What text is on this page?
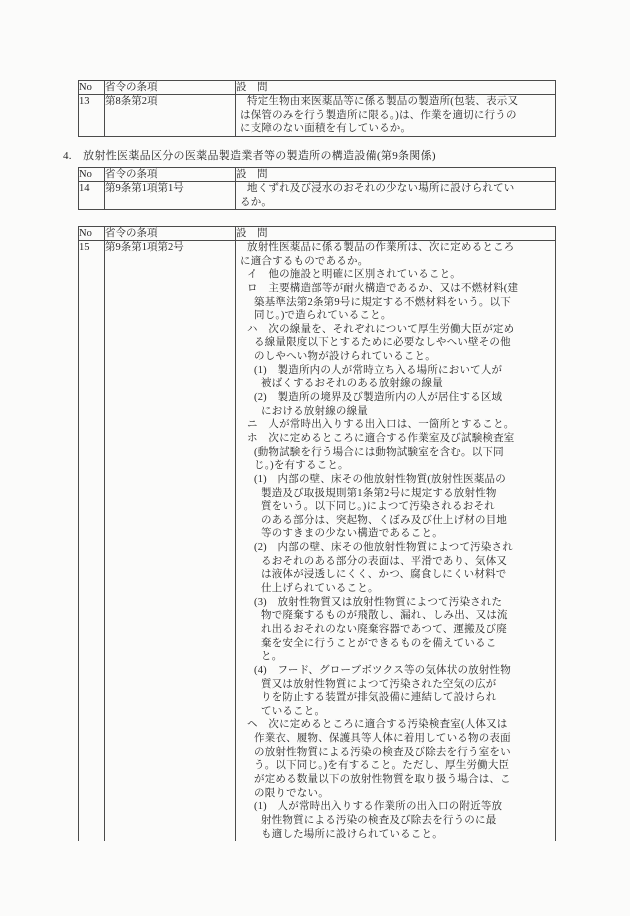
4.　放射性医薬品区分の医薬品製造業者等の製造所の構造設備(第9条関係)
No	省令の条項	設　問
13	第8条第2項	特定生物由来医薬品等に係る製品の製造所(包装、表示又
は保管のみを行う製造所に限る。)は、作業を適切に行うの
に支障のない面積を有しているか。
No	省令の条項	設　問
14	第9条第1項第1号	地くずれ及び浸水のおそれの少ない場所に設けられてい
るか。
No	省令の条項	設　問
15	第9条第1項第2号	放射性医薬品に係る製品の作業所は、次に定めるところ
に適合するものであるか。
イ　他の施設と明確に区別されていること。
ロ　主要構造部等が耐火構造であるか、又は不燃材料(建
築基準法第2条第9号に規定する不燃材料をいう。以下
同じ。)で造られていること。
ハ　次の線量を、それぞれについて厚生労働大臣が定め
る線量限度以下とするために必要なしやへい壁その他
のしやへい物が設けられていること。
(1)　製造所内の人が常時立ち入る場所において人が
被ばくするおそれのある放射線の線量
(2)　製造所の境界及び製造所内の人が居住する区域
における放射線の線量
ニ　人が常時出入りする出入口は、一箇所とすること。
ホ　次に定めるところに適合する作業室及び試験検査室
(動物試験を行う場合には動物試験室を含む。以下同
じ。)を有すること。
(1)　内部の壁、床その他放射性物質(放射性医薬品の
製造及び取扱規則第1条第2号に規定する放射性物
質をいう。以下同じ。)によつて汚染されるおそれ
のある部分は、突起物、くぼみ及び仕上げ材の目地
等のすきまの少ない構造であること。
(2)　内部の壁、床その他放射性物質によつて汚染され
るおそれのある部分の表面は、平滑であり、気体又
は液体が浸透しにくく、かつ、腐食しにくい材料で
仕上げられていること。
(3)　放射性物質又は放射性物質によつて汚染された
物で廃棄するものが飛散し、漏れ、しみ出、又は流
れ出るおそれのない廃棄容器であつて、運搬及び廃
棄を安全に行うことができるものを備えているこ
と。
(4)　フード、グローブボツクス等の気体状の放射性物
質又は放射性物質によつて汚染された空気の広が
りを防止する装置が排気設備に連結して設けられ
ていること。
ヘ　次に定めるところに適合する汚染検査室(人体又は
作業衣、履物、保護具等人体に着用している物の表面
の放射性物質による汚染の検査及び除去を行う室をい
う。以下同じ。)を有すること。ただし、厚生労働大臣
が定める数量以下の放射性物質を取り扱う場合は、こ
の限りでない。
(1)　人が常時出入りする作業所の出入口の附近等放
射性物質による汚染の検査及び除去を行うのに最
も適した場所に設けられていること。
